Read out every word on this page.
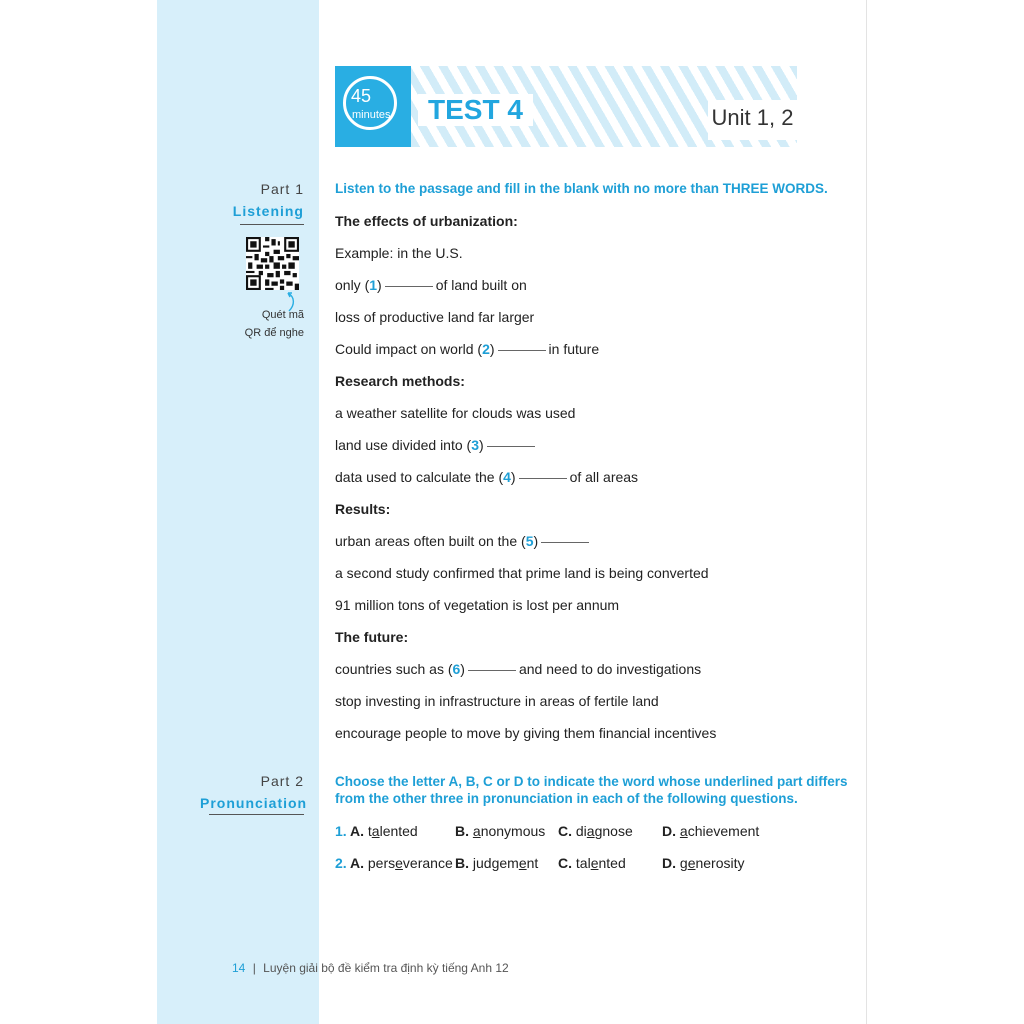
45
minutes	TEST 4	Unit 1, 2
Part 1
Listening
Quét mã
QR để nghe
Listen to the passage and fill in the blank with no more than THREE WORDS.
The effects of urbanization:
Example: in the U.S.
only (1)	of land built on
loss of productive land far larger
Could impact on world (2)	in future
Research methods:
a weather satellite for clouds was used
land use divided into (3)
data used to calculate the (4)	of all areas
Results:
urban areas often built on the (5)
a second study confirmed that prime land is being converted
91 million tons of vegetation is lost per annum
The future:
countries such as (6)	and need to do investigations
stop investing in infrastructure in areas of fertile land
encourage people to move by giving them financial incentives
Part 2
Pronunciation
Choose the letter A, B, C or D to indicate the word whose underlined part differs
from the other three in pronunciation in each of the following questions.
1. A. talented	B. anonymous C. diagnose D. achievement
2. A. perseverance B. judgement C. talented	D. generosity
14 | Luyện giải bộ đề kiểm tra định kỳ tiếng Anh 12
